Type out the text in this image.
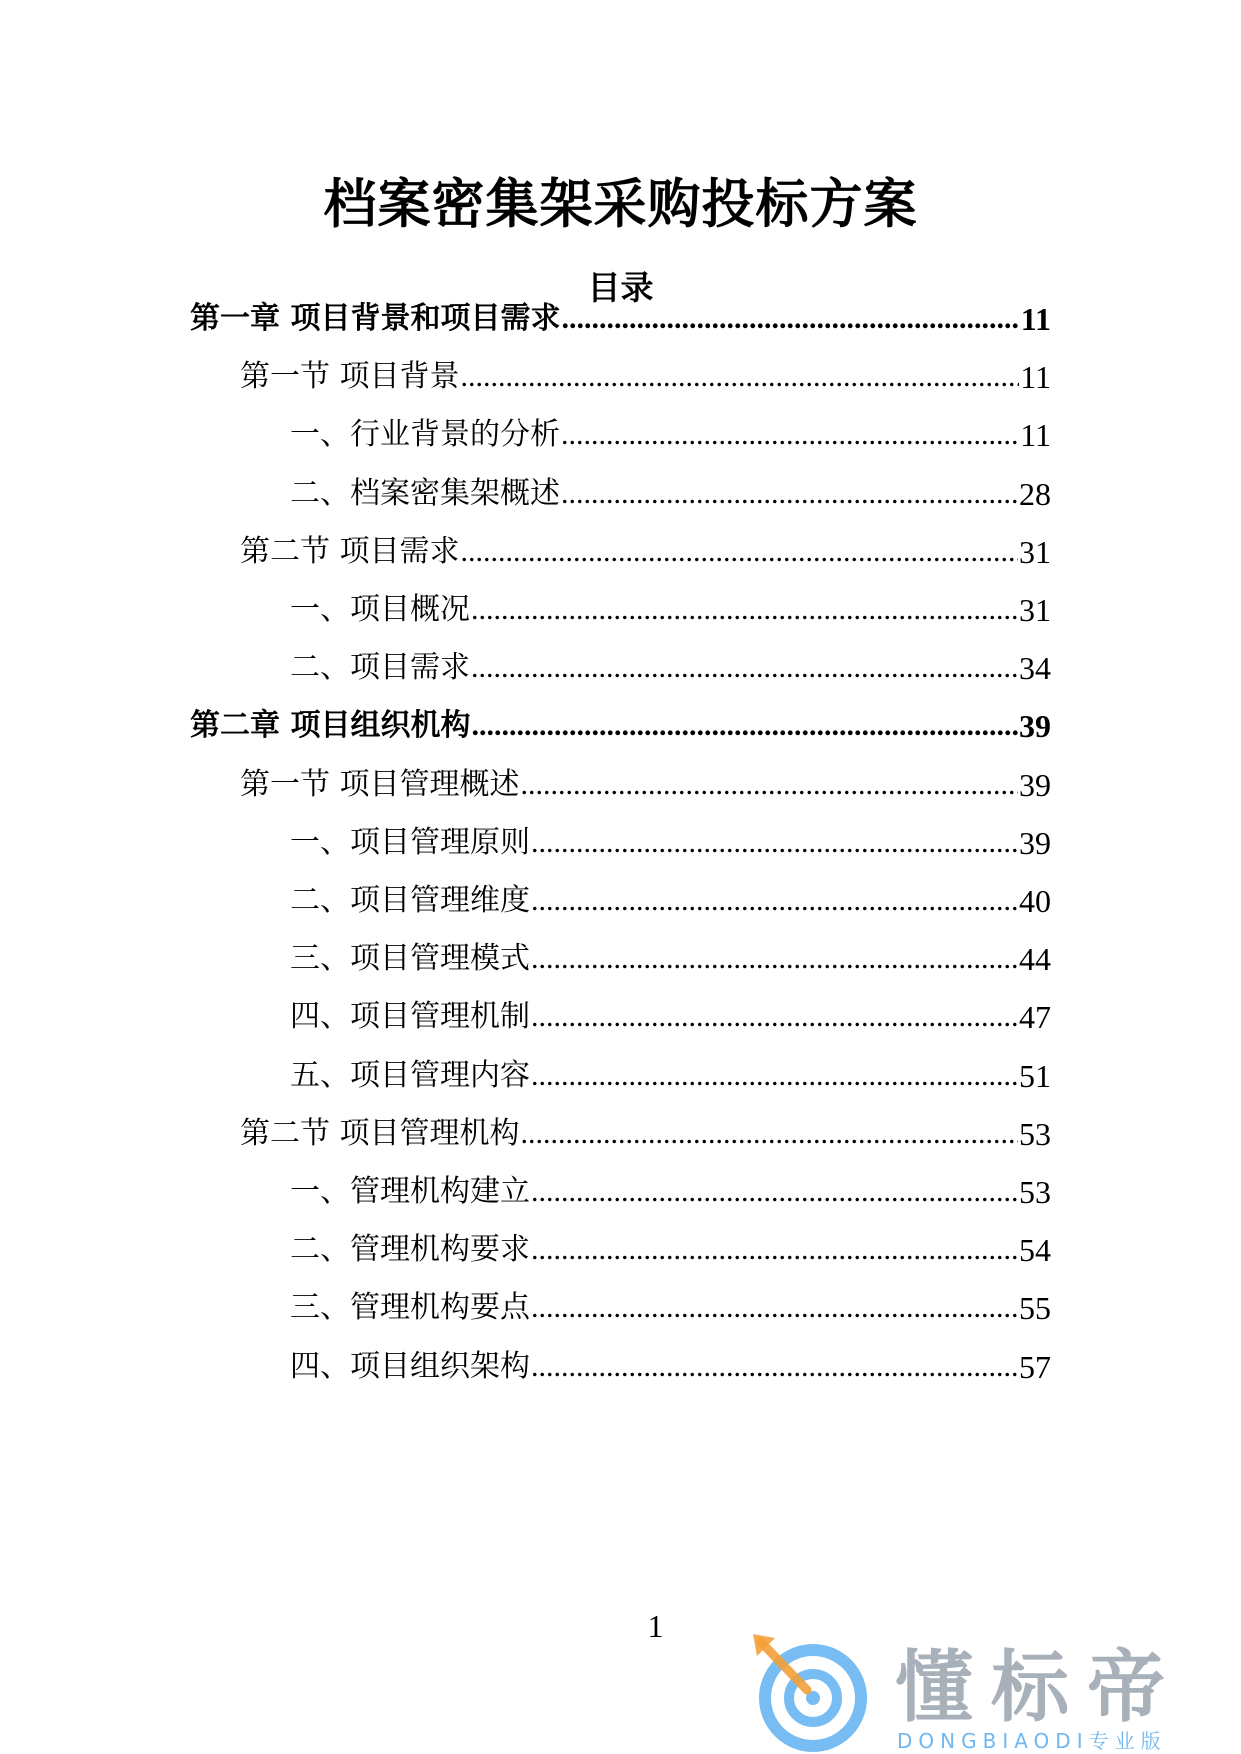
档案密集架采购投标方案
目录
第一章 项目背景和项目需求 .....	11
第一节 项目背景 .....	11
一、行业背景的分析 .....	11
二、档案密集架概述 .....	28
第二节 项目需求 .....	31
一、项目概况 .....	31
二、项目需求 .....	34
第二章 项目组织机构 .....	39
第一节 项目管理概述 .....	39
一、项目管理原则 .....	39
二、项目管理维度 .....	40
三、项目管理模式 .....	44
四、项目管理机制 .....	47
五、项目管理内容 .....	51
第二节 项目管理机构 .....	53
一、管理机构建立 .....	53
二、管理机构要求 .....	54
三、管理机构要点 .....	55
四、项目组织架构 .....	57
1
懂标帝
DONGBIAODI专业版
